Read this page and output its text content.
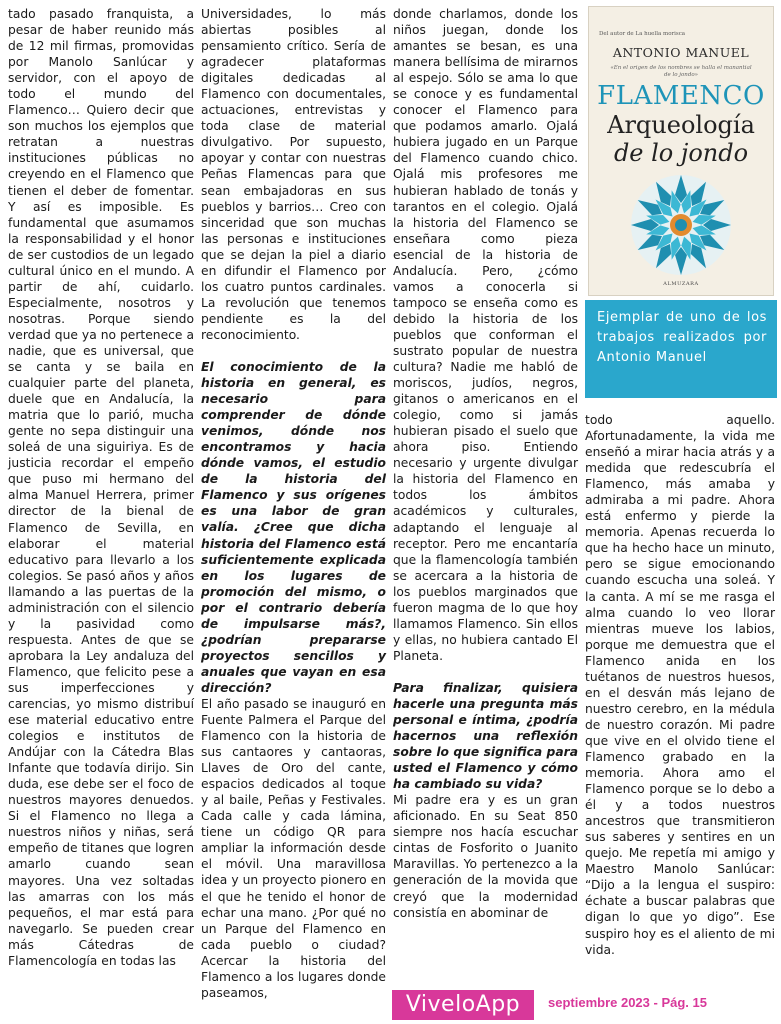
tado pasado franquista, a pesar de haber reunido más de 12 mil firmas, promovidas por Manolo Sanlúcar y servidor, con el apoyo de todo el mundo del Flamenco… Quiero decir que son muchos los ejemplos que retratan a nuestras instituciones públicas no creyendo en el Flamenco que tienen el deber de fomentar. Y así es imposible. Es fundamental que asumamos la responsabilidad y el honor de ser custodios de un legado cultural único en el mundo. A partir de ahí, cuidarlo. Especialmente, nosotros y nosotras. Porque siendo verdad que ya no pertenece a nadie, que es universal, que se canta y se baila en cualquier parte del planeta, duele que en Andalucía, la matria que lo parió, mucha gente no sepa distinguir una soleá de una siguiriya. Es de justicia recordar el empeño que puso mi hermano del alma Manuel Herrera, primer director de la bienal de Flamenco de Sevilla, en elaborar el material educativo para llevarlo a los colegios. Se pasó años y años llamando a las puertas de la administración con el silencio y la pasividad como respuesta. Antes de que se aprobara la Ley andaluza del Flamenco, que felicito pese a sus imperfecciones y carencias, yo mismo distribuí ese material educativo entre colegios e institutos de Andújar con la Cátedra Blas Infante que todavía dirijo. Sin duda, ese debe ser el foco de nuestros mayores denuedos. Si el Flamenco no llega a nuestros niños y niñas, será empeño de titanes que logren amarlo cuando sean mayores. Una vez soltadas las amarras con los más pequeños, el mar está para navegarlo. Se pueden crear más Cátedras de Flamencología en todas las

Universidades, lo más abiertas posibles al pensamiento crítico. Sería de agradecer plataformas digitales dedicadas al Flamenco con documentales, actuaciones, entrevistas y toda clase de material divulgativo. Por supuesto, apoyar y contar con nuestras Peñas Flamencas para que sean embajadoras en sus pueblos y barrios… Creo con sinceridad que son muchas las personas e instituciones que se dejan la piel a diario en difundir el Flamenco por los cuatro puntos cardinales. La revolución que tenemos pendiente es la del reconocimiento.

El conocimiento de la historia en general, es necesario para comprender de dónde venimos, dónde nos encontramos y hacia dónde vamos, el estudio de la historia del Flamenco y sus orígenes es una labor de gran valía. ¿Cree que dicha historia del Flamenco está suficientemente explicada en los lugares de promoción del mismo, o por el contrario debería de impulsarse más?, ¿podrían prepararse proyectos sencillos y anuales que vayan en esa dirección?

El año pasado se inauguró en Fuente Palmera el Parque del Flamenco con la historia de sus cantaores y cantaoras, Llaves de Oro del cante, espacios dedicados al toque y al baile, Peñas y Festivales. Cada calle y cada lámina, tiene un código QR para ampliar la información desde el móvil. Una maravillosa idea y un proyecto pionero en el que he tenido el honor de echar una mano. ¿Por qué no un Parque del Flamenco en cada pueblo o ciudad? Acercar la historia del Flamenco a los lugares donde paseamos,

donde charlamos, donde los niños juegan, donde los amantes se besan, es una manera bellísima de mirarnos al espejo. Sólo se ama lo que se conoce y es fundamental conocer el Flamenco para que podamos amarlo. Ojalá hubiera jugado en un Parque del Flamenco cuando chico. Ojalá mis profesores me hubieran hablado de tonás y tarantos en el colegio. Ojalá la historia del Flamenco se enseñara como pieza esencial de la historia de Andalucía. Pero, ¿cómo vamos a conocerla si tampoco se enseña como es debido la historia de los pueblos que conforman el sustrato popular de nuestra cultura? Nadie me habló de moriscos, judíos, negros, gitanos o americanos en el colegio, como si jamás hubieran pisado el suelo que ahora piso. Entiendo necesario y urgente divulgar la historia del Flamenco en todos los ámbitos académicos y culturales, adaptando el lenguaje al receptor. Pero me encantaría que la flamencología también se acercara a la historia de los pueblos marginados que fueron magma de lo que hoy llamamos Flamenco. Sin ellos y ellas, no hubiera cantado El Planeta.

Para finalizar, quisiera hacerle una pregunta más personal e íntima, ¿podría hacernos una reflexión sobre lo que significa para usted el Flamenco y cómo ha cambiado su vida?

Mi padre era y es un gran aficionado. En su Seat 850 siempre nos hacía escuchar cintas de Fosforito o Juanito Maravillas. Yo pertenezco a la generación de la movida que creyó que la modernidad consistía en abominar de

Del autor de La huella morisca
ANTONIO MANUEL
«En el origen de los nombres se halla el manantial de lo jondo»
FLAMENCO
Arqueología
de lo jondo
ALMUZARA
Ejemplar de uno de los trabajos realizados por Antonio Manuel

todo aquello. Afortunadamente, la vida me enseñó a mirar hacia atrás y a medida que redescubría el Flamenco, más amaba y admiraba a mi padre. Ahora está enfermo y pierde la memoria. Apenas recuerda lo que ha hecho hace un minuto, pero se sigue emocionando cuando escucha una soleá. Y la canta. A mí se me rasga el alma cuando lo veo llorar mientras mueve los labios, porque me demuestra que el Flamenco anida en los tuétanos de nuestros huesos, en el desván más lejano de nuestro cerebro, en la médula de nuestro corazón. Mi padre que vive en el olvido tiene el Flamenco grabado en la memoria. Ahora amo el Flamenco porque se lo debo a él y a todos nuestros ancestros que transmitieron sus saberes y sentires en un quejo. Me repetía mi amigo y Maestro Manolo Sanlúcar: “Dijo a la lengua el suspiro: échate a buscar palabras que digan lo que yo digo”. Ese suspiro hoy es el aliento de mi vida.

ViveloApp	septiembre 2023 - Pág. 15
